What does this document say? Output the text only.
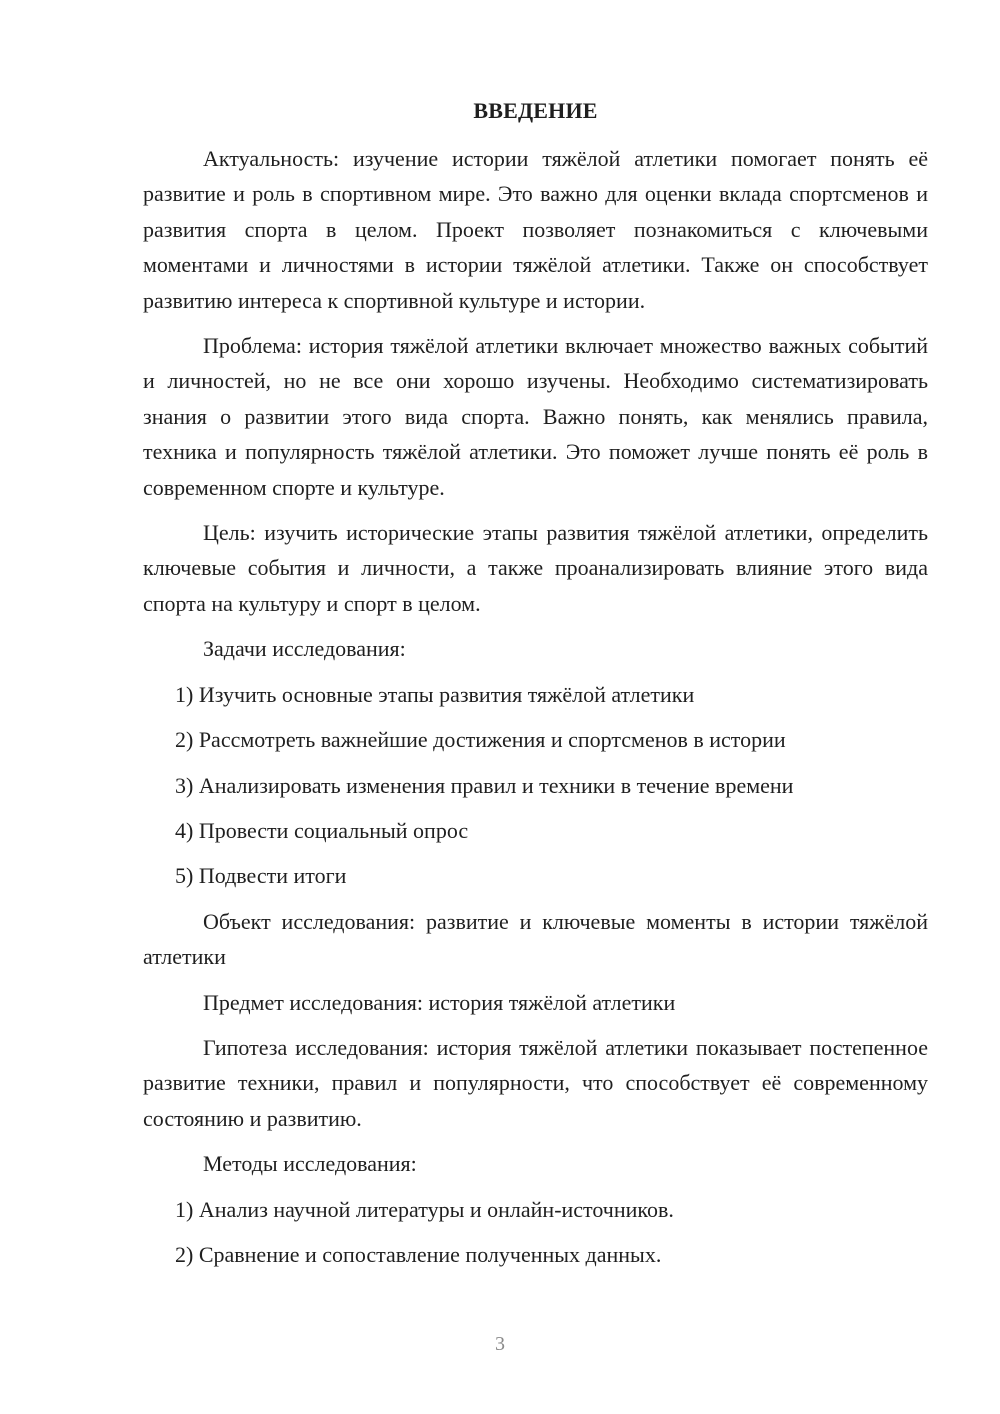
ВВЕДЕНИЕ

Актуальность: изучение истории тяжёлой атлетики помогает понять её развитие и роль в спортивном мире. Это важно для оценки вклада спортсменов и развития спорта в целом. Проект позволяет познакомиться с ключевыми моментами и личностями в истории тяжёлой атлетики. Также он способствует развитию интереса к спортивной культуре и истории.

Проблема: история тяжёлой атлетики включает множество важных событий и личностей, но не все они хорошо изучены. Необходимо систематизировать знания о развитии этого вида спорта. Важно понять, как менялись правила, техника и популярность тяжёлой атлетики. Это поможет лучше понять её роль в современном спорте и культуре.

Цель: изучить исторические этапы развития тяжёлой атлетики, определить ключевые события и личности, а также проанализировать влияние этого вида спорта на культуру и спорт в целом.

Задачи исследования:

1) Изучить основные этапы развития тяжёлой атлетики

2) Рассмотреть важнейшие достижения и спортсменов в истории

3) Анализировать изменения правил и техники в течение времени

4) Провести социальный опрос

5) Подвести итоги

Объект исследования: развитие и ключевые моменты в истории тяжёлой атлетики

Предмет исследования: история тяжёлой атлетики

Гипотеза исследования: история тяжёлой атлетики показывает постепенное развитие техники, правил и популярности, что способствует её современному состоянию и развитию.

Методы исследования:

1) Анализ научной литературы и онлайн-источников.

2) Сравнение и сопоставление полученных данных.

3
